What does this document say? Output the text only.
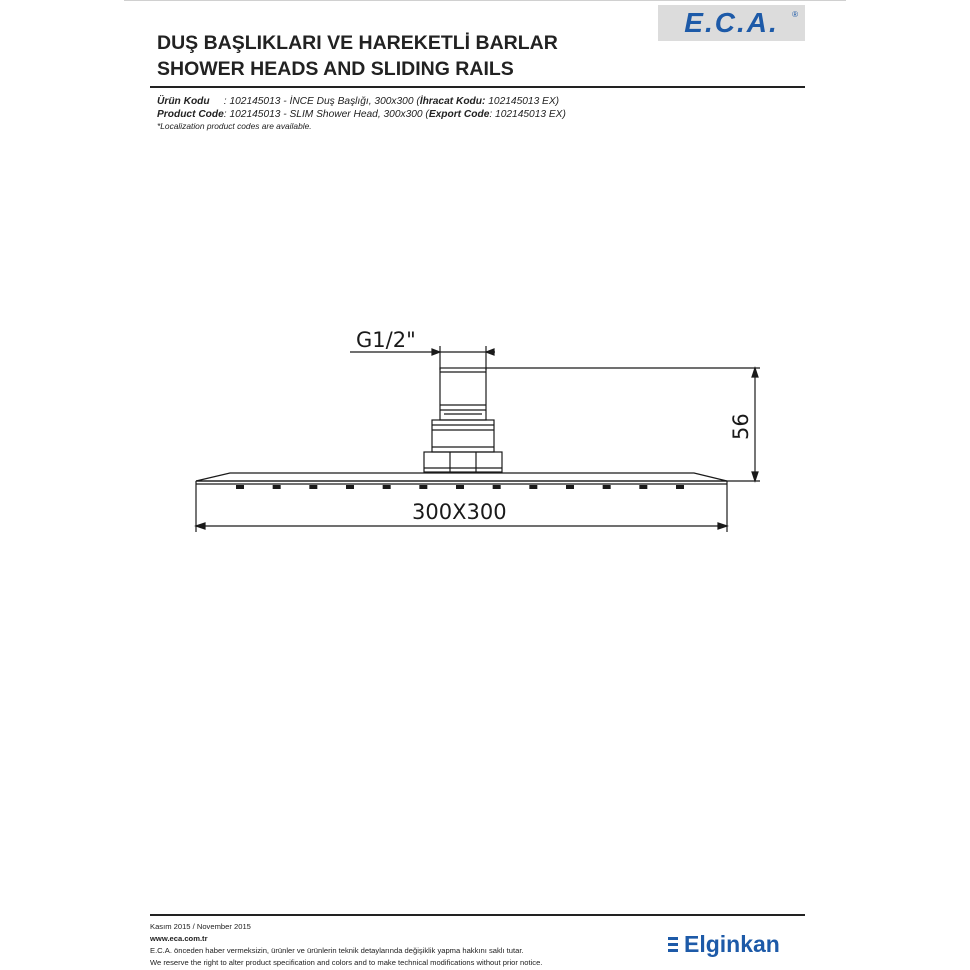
E.C.A. ®
DUŞ BAŞLIKLARI VE HAREKETLİ BARLAR
SHOWER HEADS AND SLIDING RAILS
Ürün Kodu : 102145013 - İNCE Duş Başlığı, 300x300 (İhracat Kodu: 102145013 EX)
Product Code: 102145013 - SLIM Shower Head, 300x300 (Export Code: 102145013 EX)
*Localization product codes are available.
G1/2"
56
300X300
Kasım 2015 / November 2015
www.eca.com.tr
E.C.A. önceden haber vermeksizin, ürünler ve ürünlerin teknik detaylarında değişiklik yapma hakkını saklı tutar.
We reserve the right to alter product specification and colors and to make technical modifications without prior notice.
Elginkan
